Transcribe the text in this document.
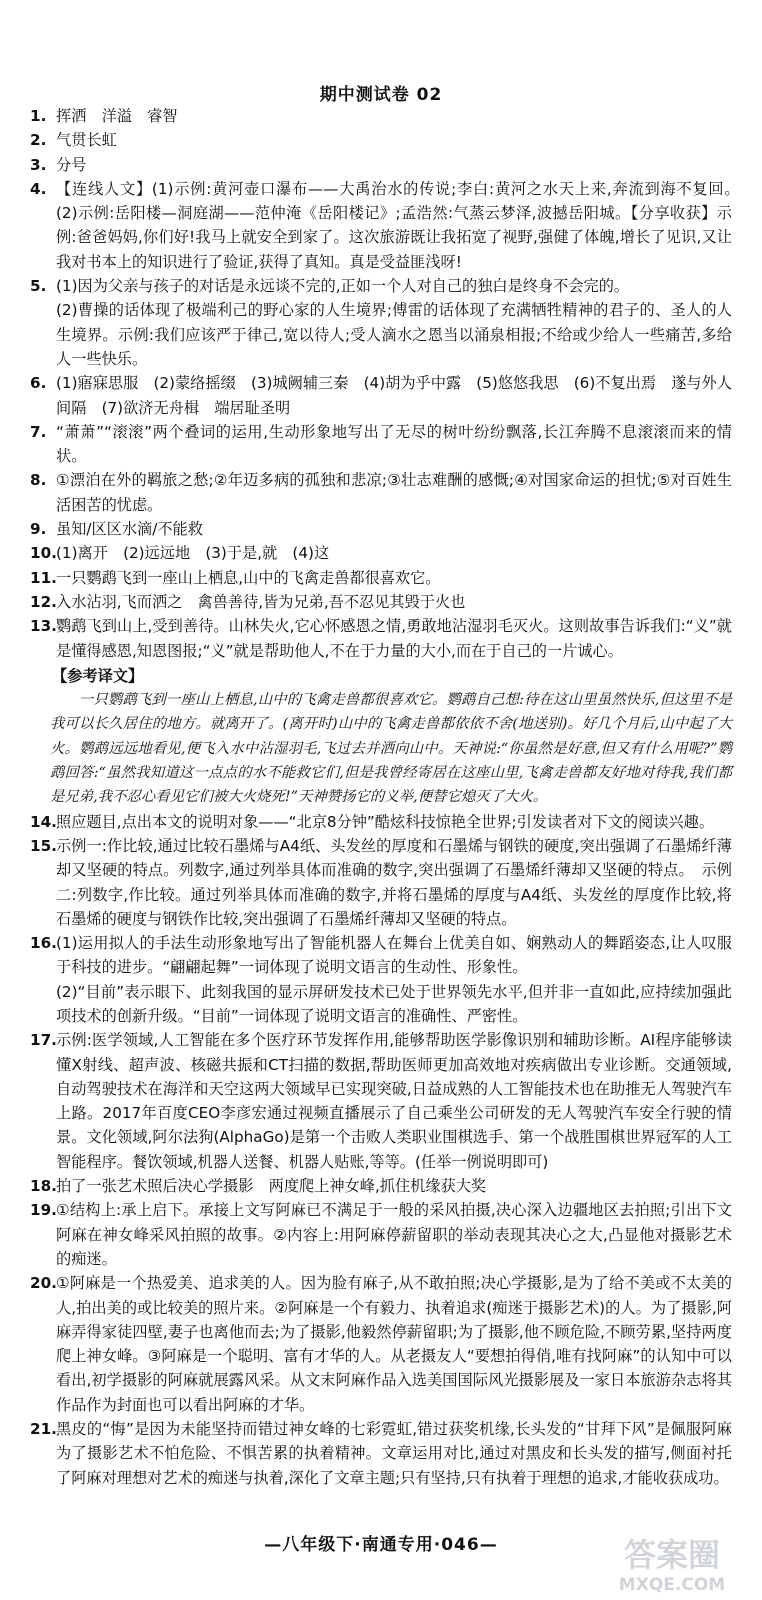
期中测试卷 02
1. 挥洒　洋溢　睿智
2. 气贯长虹
3. 分号
4. 【连线人文】(1)示例:黄河壶口瀑布——大禹治水的传说;李白:黄河之水天上来,奔流到海不复回。　(2)示例:岳阳楼—洞庭湖——范仲淹《岳阳楼记》;孟浩然:气蒸云梦泽,波撼岳阳城。【分享收获】示例:爸爸妈妈,你们好!我马上就安全到家了。这次旅游既让我拓宽了视野,强健了体魄,增长了见识,又让我对书本上的知识进行了验证,获得了真知。真是受益匪浅呀!
5. (1)因为父亲与孩子的对话是永远谈不完的,正如一个人对自己的独白是终身不会完的。
(2)曹操的话体现了极端利己的野心家的人生境界;傅雷的话体现了充满牺牲精神的君子的、圣人的人生境界。示例:我们应该严于律己,宽以待人;受人滴水之恩当以涌泉相报;不给或少给人一些痛苦,多给人一些快乐。
6. (1)寤寐思服　(2)蒙络摇缀　(3)城阙辅三秦　(4)胡为乎中露　(5)悠悠我思　(6)不复出焉　遂与外人间隔　(7)欲济无舟楫　端居耻圣明
7. “萧萧”“滚滚”两个叠词的运用,生动形象地写出了无尽的树叶纷纷飘落,长江奔腾不息滚滚而来的情状。
8. ①漂泊在外的羁旅之愁;②年迈多病的孤独和悲凉;③壮志难酬的感慨;④对国家命运的担忧;⑤对百姓生活困苦的忧虑。
9. 虽知/区区水滴/不能救
10. (1)离开　(2)远远地　(3)于是,就　(4)这
11. 一只鹦鹉飞到一座山上栖息,山中的飞禽走兽都很喜欢它。
12. 入水沾羽,飞而洒之　禽兽善待,皆为兄弟,吾不忍见其毁于火也
13. 鹦鹉飞到山上,受到善待。山林失火,它心怀感恩之情,勇敢地沾湿羽毛灭火。这则故事告诉我们:“义”就是懂得感恩,知恩图报;“义”就是帮助他人,不在于力量的大小,而在于自己的一片诚心。
【参考译文】
一只鹦鹉飞到一座山上栖息,山中的飞禽走兽都很喜欢它。鹦鹉自己想:待在这山里虽然快乐,但这里不是我可以长久居住的地方。就离开了。(离开时)山中的飞禽走兽都依依不舍(地送别)。好几个月后,山中起了大火。鹦鹉远远地看见,便飞入水中沾湿羽毛,飞过去并洒向山中。天神说:“你虽然是好意,但又有什么用呢?”鹦鹉回答:“虽然我知道这一点点的水不能救它们,但是我曾经寄居在这座山里,飞禽走兽都友好地对待我,我们都是兄弟,我不忍心看见它们被大火烧死!”天神赞扬它的义举,便替它熄灭了大火。
14. 照应题目,点出本文的说明对象——“北京8分钟”酷炫科技惊艳全世界;引发读者对下文的阅读兴趣。
15. 示例一:作比较,通过比较石墨烯与A4纸、头发丝的厚度和石墨烯与钢铁的硬度,突出强调了石墨烯纤薄却又坚硬的特点。列数字,通过列举具体而准确的数字,突出强调了石墨烯纤薄却又坚硬的特点。　示例二:列数字,作比较。通过列举具体而准确的数字,并将石墨烯的厚度与A4纸、头发丝的厚度作比较,将石墨烯的硬度与钢铁作比较,突出强调了石墨烯纤薄却又坚硬的特点。
16. (1)运用拟人的手法生动形象地写出了智能机器人在舞台上优美自如、娴熟动人的舞蹈姿态,让人叹服于科技的进步。“翩翩起舞”一词体现了说明文语言的生动性、形象性。
(2)“目前”表示眼下、此刻我国的显示屏研发技术已处于世界领先水平,但并非一直如此,应持续加强此项技术的创新升级。“目前”一词体现了说明文语言的准确性、严密性。
17. 示例:医学领域,人工智能在多个医疗环节发挥作用,能够帮助医学影像识别和辅助诊断。AI程序能够读懂X射线、超声波、核磁共振和CT扫描的数据,帮助医师更加高效地对疾病做出专业诊断。交通领域,自动驾驶技术在海洋和天空这两大领域早已实现突破,日益成熟的人工智能技术也在助推无人驾驶汽车上路。2017年百度CEO李彦宏通过视频直播展示了自己乘坐公司研发的无人驾驶汽车安全行驶的情景。文化领域,阿尔法狗(AlphaGo)是第一个击败人类职业围棋选手、第一个战胜围棋世界冠军的人工智能程序。餐饮领域,机器人送餐、机器人贴账,等等。(任举一例说明即可)
18. 拍了一张艺术照后决心学摄影　两度爬上神女峰,抓住机缘获大奖
19. ①结构上:承上启下。承接上文写阿麻已不满足于一般的采风拍摄,决心深入边疆地区去拍照;引出下文阿麻在神女峰采风拍照的故事。②内容上:用阿麻停薪留职的举动表现其决心之大,凸显他对摄影艺术的痴迷。
20. ①阿麻是一个热爱美、追求美的人。因为脸有麻子,从不敢拍照;决心学摄影,是为了给不美或不太美的人,拍出美的或比较美的照片来。②阿麻是一个有毅力、执着追求(痴迷于摄影艺术)的人。为了摄影,阿麻弄得家徒四壁,妻子也离他而去;为了摄影,他毅然停薪留职;为了摄影,他不顾危险,不顾劳累,坚持两度爬上神女峰。③阿麻是一个聪明、富有才华的人。从老摄友人“要想拍得俏,唯有找阿麻”的认知中可以看出,初学摄影的阿麻就展露风采。从文末阿麻作品入选美国国际风光摄影展及一家日本旅游杂志将其作品作为封面也可以看出阿麻的才华。
21. 黑皮的“悔”是因为未能坚持而错过神女峰的七彩霓虹,错过获奖机缘,长头发的“甘拜下风”是佩服阿麻为了摄影艺术不怕危险、不惧苦累的执着精神。文章运用对比,通过对黑皮和长头发的描写,侧面衬托了阿麻对理想对艺术的痴迷与执着,深化了文章主题;只有坚持,只有执着于理想的追求,才能收获成功。
—八年级下·南通专用·046—	答案圈
MXQE.COM
